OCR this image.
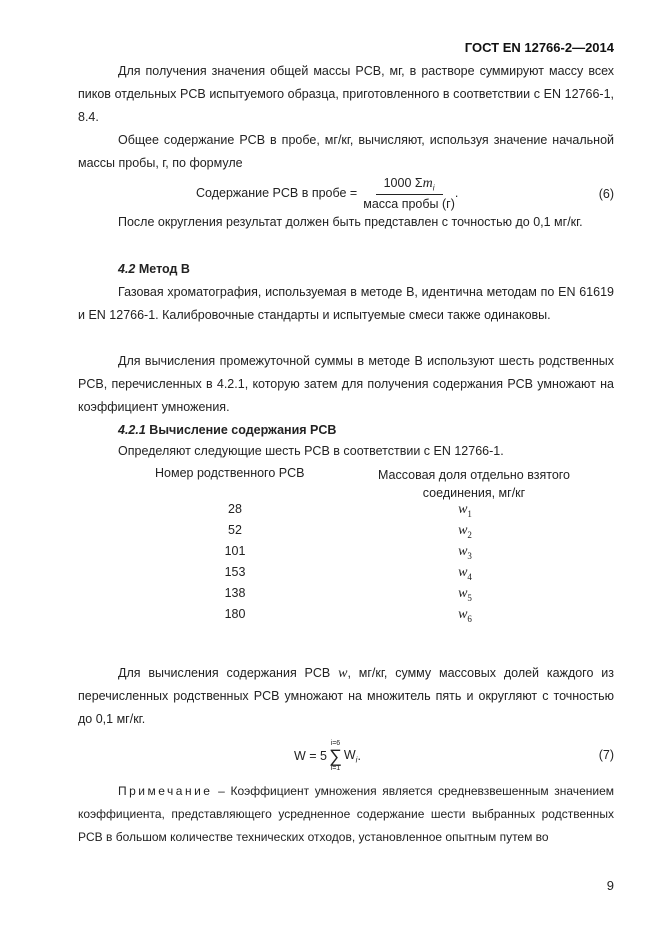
ГОСТ EN 12766-2—2014
Для получения значения общей массы PCB, мг, в растворе суммируют массу всех пиков отдельных PCB испытуемого образца, приготовленного в соответствии с EN 12766-1, 8.4.
Общее содержание PCB в пробе, мг/кг, вычисляют, используя значение начальной массы пробы, г, по формуле
Содержание PCB в пробе = $\frac{1000 \Sigma m_i}{\text{масса пробы (г)}}$ .	(6)
После округления результат должен быть представлен с точностью до 0,1 мг/кг.
4.2 Метод B
Газовая хроматография, используемая в методе B, идентична методам по EN 61619 и EN 12766-1. Калибровочные стандарты и испытуемые смеси также одинаковы.
Для вычисления промежуточной суммы в методе B используют шесть родственных PCB, перечисленных в 4.2.1, которую затем для получения содержания PCB умножают на коэффициент умножения.
4.2.1 Вычисление содержания PCB
Определяют следующие шесть PCB в соответствии с EN 12766-1.
Номер родственного PCB	Массовая доля отдельно взятого
соединения, мг/кг
28	$w_1$
52	$w_2$
101	$w_3$
153	$w_4$
138	$w_5$
180	$w_6$
Для вычисления содержания PCB w, мг/кг, сумму массовых долей каждого из перечисленных родственных PCB умножают на множитель пять и округляют с точностью до 0,1 мг/кг.
W = 5
i=6
∑
i=1
$W_i$ .	(7)
Примечание – Коэффициент умножения является средневзвешенным значением коэффициента, представляющего усредненное содержание шести выбранных родственных PCB в большом количестве технических отходов, установленное опытным путем во
9
